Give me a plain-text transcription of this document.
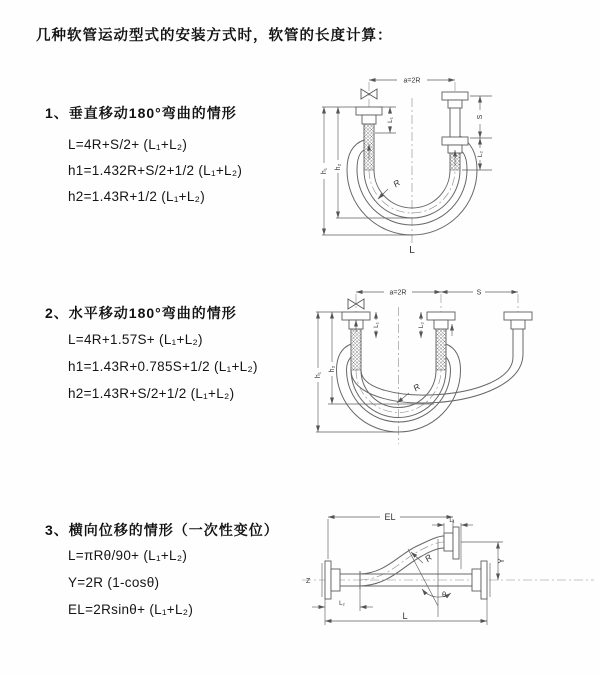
几种软管运动型式的安装方式时，软管的长度计算：
1、垂直移动180°弯曲的情形
L=4R+S/2+ (L₁+L₂)
h1=1.432R+S/2+1/2 (L₁+L₂)
h2=1.43R+1/2 (L₁+L₂)
a=2R
h₁
h₂
L₁
S
L₂
R
L
2、水平移动180°弯曲的情形
L=4R+1.57S+ (L₁+L₂)
h1=1.43R+0.785S+1/2 (L₁+L₂)
h2=1.43R+S/2+1/2 (L₁+L₂)
a=2R	S
h₁
h₂
L₁	L₂
R
3、横向位移的情形（一次性变位）
L=πRθ/90+ (L₁+L₂)
Y=2R (1-cosθ)
EL=2Rsinθ+ (L₁+L₂)
EL	L₁
Y
L
L₂
R
θ
Z
